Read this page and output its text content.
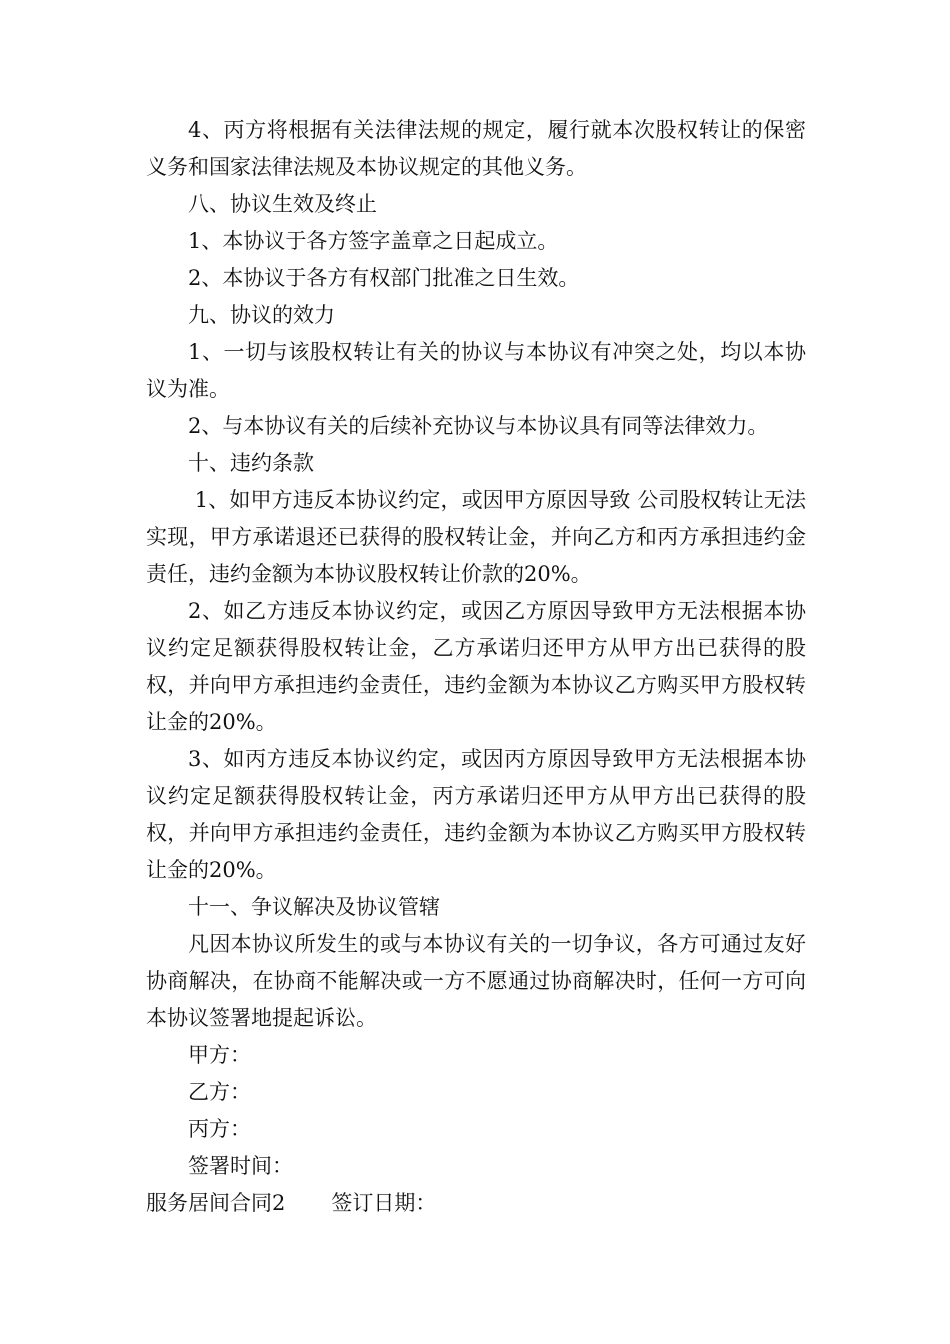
4、丙方将根据有关法律法规的规定，履行就本次股权转让的保密义务和国家法律法规及本协议规定的其他义务。

八、协议生效及终止

1、本协议于各方签字盖章之日起成立。

2、本协议于各方有权部门批准之日生效。

九、协议的效力

1、一切与该股权转让有关的协议与本协议有冲突之处，均以本协议为准。

2、与本协议有关的后续补充协议与本协议具有同等法律效力。

十、违约条款

1、如甲方违反本协议约定，或因甲方原因导致 公司股权转让无法实现，甲方承诺退还已获得的股权转让金，并向乙方和丙方承担违约金责任，违约金额为本协议股权转让价款的20%。

2、如乙方违反本协议约定，或因乙方原因导致甲方无法根据本协议约定足额获得股权转让金，乙方承诺归还甲方从甲方出已获得的股权，并向甲方承担违约金责任，违约金额为本协议乙方购买甲方股权转让金的20%。

3、如丙方违反本协议约定，或因丙方原因导致甲方无法根据本协议约定足额获得股权转让金，丙方承诺归还甲方从甲方出已获得的股权，并向甲方承担违约金责任，违约金额为本协议乙方购买甲方股权转让金的20%。

十一、争议解决及协议管辖

凡因本协议所发生的或与本协议有关的一切争议，各方可通过友好协商解决，在协商不能解决或一方不愿通过协商解决时，任何一方可向本协议签署地提起诉讼。

甲方：

乙方：

丙方：

签署时间：

服务居间合同2 签订日期：
